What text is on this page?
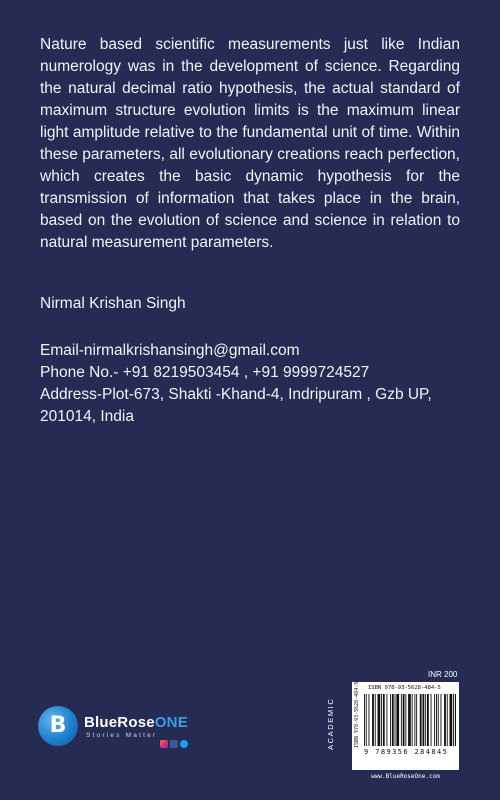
Nature based scientific measurements just like Indian numerology was in the development of science. Regarding the natural decimal ratio hypothesis, the actual standard of maximum structure evolution limits is the maximum linear light amplitude relative to the fundamental unit of time. Within these parameters, all evolutionary creations reach perfection, which creates the basic dynamic hypothesis for the transmission of information that takes place in the brain, based on the evolution of science and science in relation to natural measurement parameters.

Nirmal Krishan Singh

Email-nirmalkrishansingh@gmail.com
Phone No.- +91 8219503454 , +91 9999724527
Address-Plot-673, Shakti -Khand-4, Indripuram , Gzb UP,
201014, India
B	BlueRoseONE
Stories Matter
INR 200
ACADEMIC
ISBN 978-93-5628-484-5
ISBN 978-93-5628-484-5
9 789356 284845
www.BlueRoseOne.com
